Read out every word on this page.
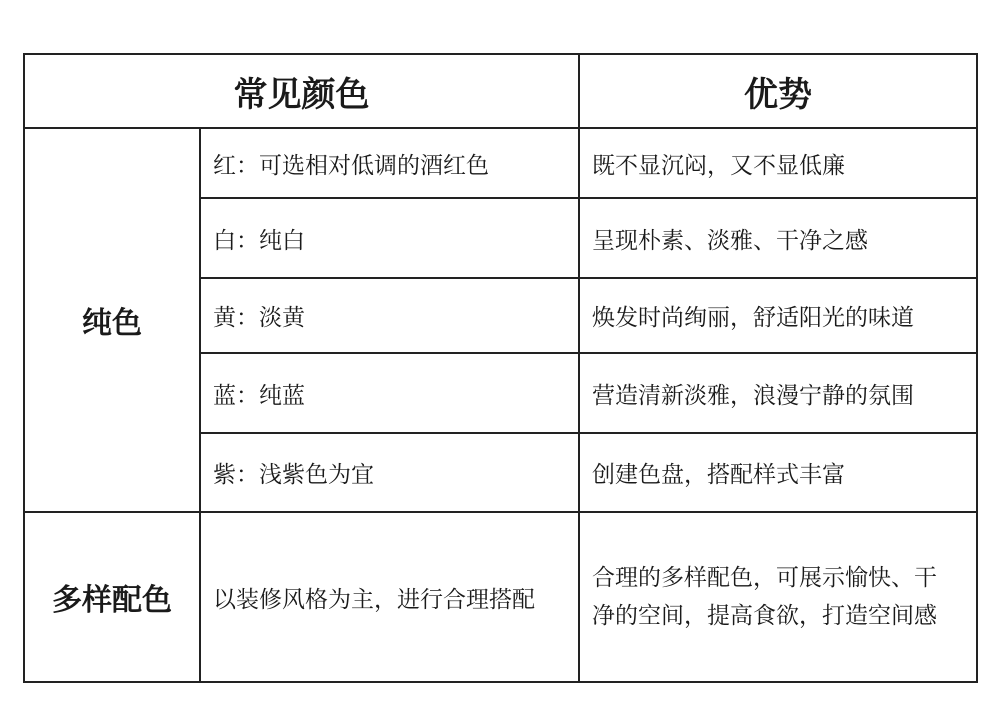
常见颜色		优势
纯色	红：可选相对低调的酒红色	既不显沉闷，又不显低廉
	白：纯白	呈现朴素、淡雅、干净之感
	黄：淡黄	焕发时尚绚丽，舒适阳光的味道
	蓝：纯蓝	营造清新淡雅，浪漫宁静的氛围
	紫：浅紫色为宜	创建色盘，搭配样式丰富
多样配色	以装修风格为主，进行合理搭配	合理的多样配色，可展示愉快、干净的空间，提高食欲，打造空间感
